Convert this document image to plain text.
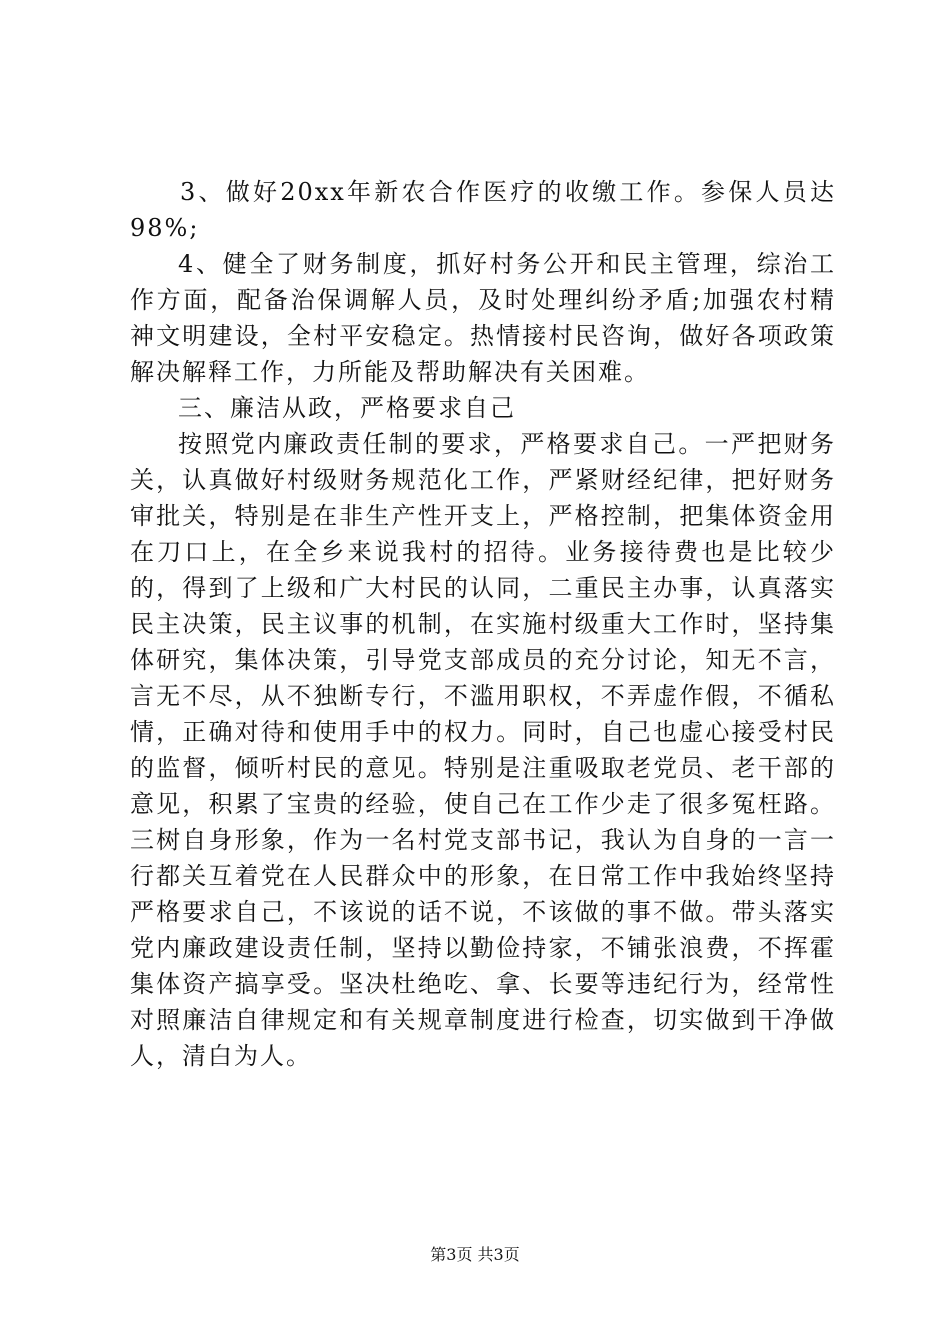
3、做好20xx年新农合作医疗的收缴工作。参保人员达98%;

4、健全了财务制度，抓好村务公开和民主管理，综治工作方面，配备治保调解人员，及时处理纠纷矛盾;加强农村精神文明建设，全村平安稳定。热情接村民咨询，做好各项政策解决解释工作，力所能及帮助解决有关困难。

三、廉洁从政，严格要求自己

按照党内廉政责任制的要求，严格要求自己。一严把财务关，认真做好村级财务规范化工作，严紧财经纪律，把好财务审批关，特别是在非生产性开支上，严格控制，把集体资金用在刀口上，在全乡来说我村的招待。业务接待费也是比较少的，得到了上级和广大村民的认同，二重民主办事，认真落实民主决策，民主议事的机制，在实施村级重大工作时，坚持集体研究，集体决策，引导党支部成员的充分讨论，知无不言，言无不尽，从不独断专行，不滥用职权，不弄虚作假，不循私情，正确对待和使用手中的权力。同时，自己也虚心接受村民的监督，倾听村民的意见。特别是注重吸取老党员、老干部的意见，积累了宝贵的经验，使自己在工作少走了很多冤枉路。三树自身形象，作为一名村党支部书记，我认为自身的一言一行都关互着党在人民群众中的形象，在日常工作中我始终坚持严格要求自己，不该说的话不说，不该做的事不做。带头落实党内廉政建设责任制，坚持以勤俭持家，不铺张浪费，不挥霍集体资产搞享受。坚决杜绝吃、拿、长要等违纪行为，经常性对照廉洁自律规定和有关规章制度进行检查，切实做到干净做人，清白为人。

第3页 共3页
